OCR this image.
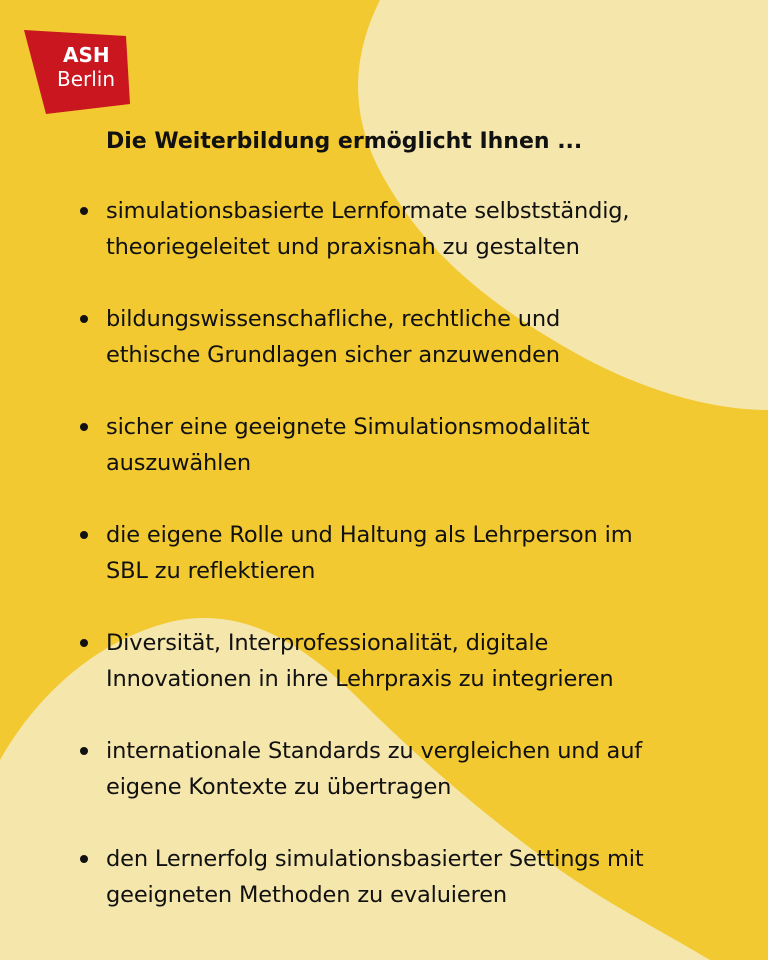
ASH
Berlin
Die Weiterbildung ermöglicht Ihnen ...
simulationsbasierte Lernformate selbstständig,
theoriegeleitet und praxisnah zu gestalten
bildungswissenschafliche, rechtliche und
ethische Grundlagen sicher anzuwenden
sicher eine geeignete Simulationsmodalität
auszuwählen
die eigene Rolle und Haltung als Lehrperson im
SBL zu reflektieren
Diversität, Interprofessionalität, digitale
Innovationen in ihre Lehrpraxis zu integrieren
internationale Standards zu vergleichen und auf
eigene Kontexte zu übertragen
den Lernerfolg simulationsbasierter Settings mit
geeigneten Methoden zu evaluieren
